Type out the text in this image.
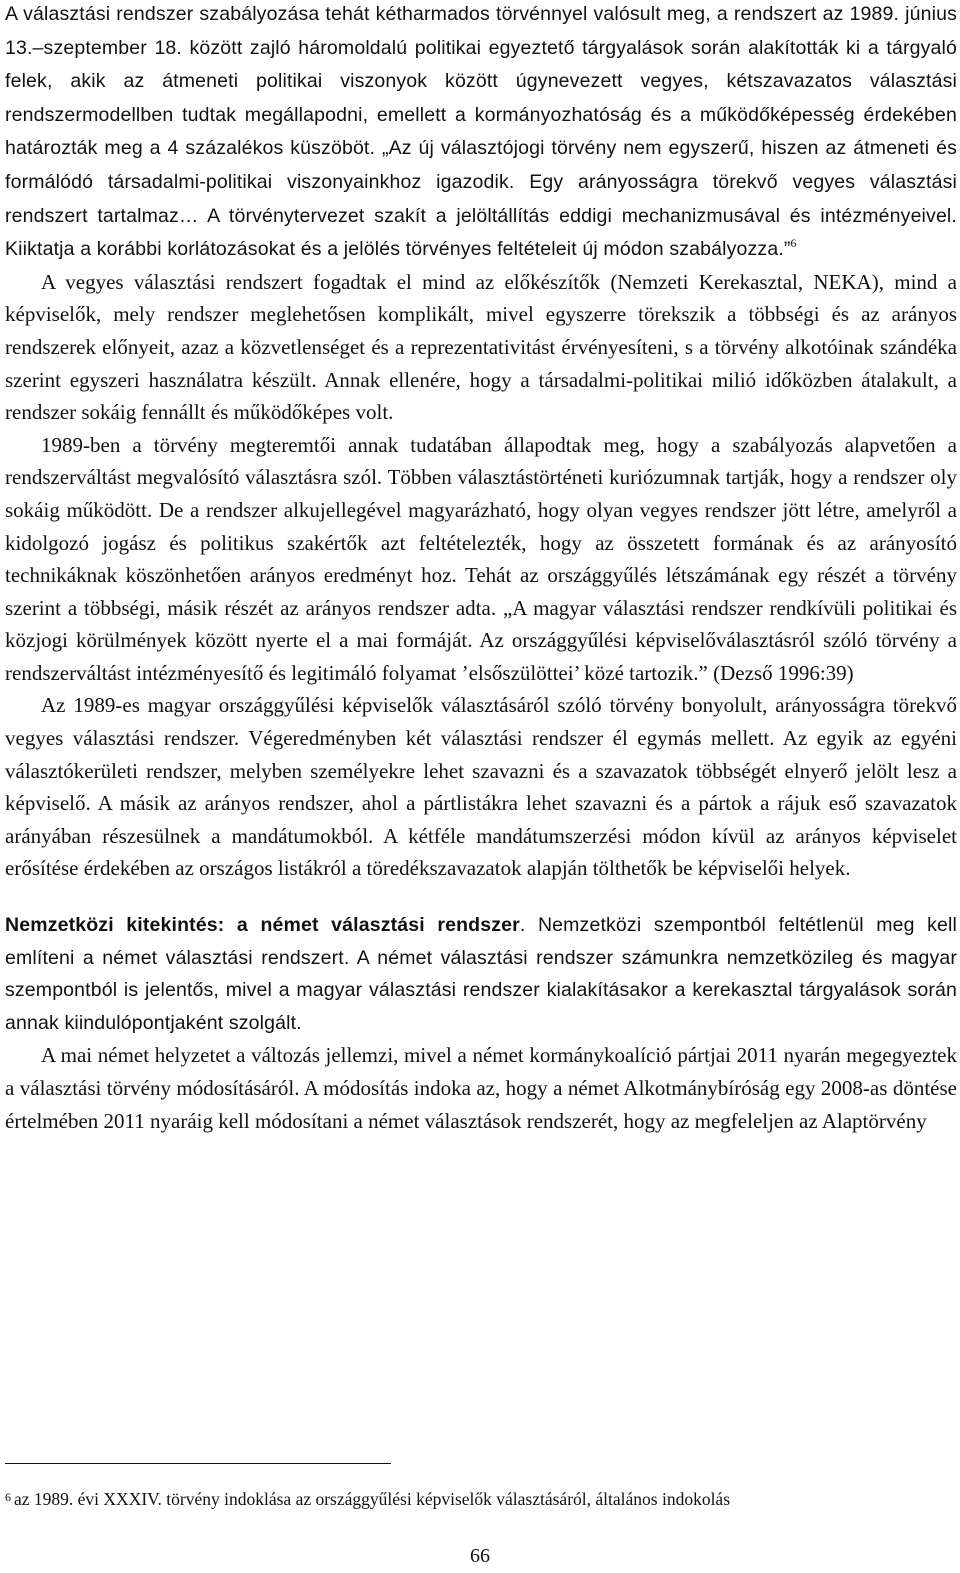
A választási rendszer szabályozása tehát kétharmados törvénnyel valósult meg, a rendszert az 1989. június 13.–szeptember 18. között zajló háromoldalú politikai egyeztető tárgyalások során alakították ki a tárgyaló felek, akik az átmeneti politikai viszonyok között úgynevezett vegyes, kétszavazatos választási rendszermodellben tudtak megállapodni, emellett a kormányozhatóság és a működőképesség érdekében határozták meg a 4 százalékos küszöböt. „Az új választójogi törvény nem egyszerű, hiszen az átmeneti és formálódó társadalmi-politikai viszonyainkhoz igazodik. Egy arányosságra törekvő vegyes választási rendszert tartalmaz… A törvénytervezet szakít a jelöltállítás eddigi mechanizmusával és intézményeivel. Kiiktatja a korábbi korlátozásokat és a jelölés törvényes feltételeit új módon szabályozza.”$^6$

A vegyes választási rendszert fogadtak el mind az előkészítők (Nemzeti Kerekasztal, NEKA), mind a képviselők, mely rendszer meglehetősen komplikált, mivel egyszerre törekszik a többségi és az arányos rendszerek előnyeit, azaz a közvetlenséget és a reprezentativitást érvényesíteni, s a törvény alkotóinak szándéka szerint egyszeri használatra készült. Annak ellenére, hogy a társadalmi-politikai milió időközben átalakult, a rendszer sokáig fennállt és működőképes volt.

1989-ben a törvény megteremtői annak tudatában állapodtak meg, hogy a szabályozás alapvetően a rendszerváltást megvalósító választásra szól. Többen választástörténeti kuriózumnak tartják, hogy a rendszer oly sokáig működött. De a rendszer alkujellegével magyarázható, hogy olyan vegyes rendszer jött létre, amelyről a kidolgozó jogász és politikus szakértők azt feltételezték, hogy az összetett formának és az arányosító technikáknak köszönhetően arányos eredményt hoz. Tehát az országgyűlés létszámának egy részét a törvény szerint a többségi, másik részét az arányos rendszer adta. „A magyar választási rendszer rendkívüli politikai és közjogi körülmények között nyerte el a mai formáját. Az országgyűlési képviselőválasztásról szóló törvény a rendszerváltást intézményesítő és legitimáló folyamat ’elsőszülöttei’ közé tartozik.” (Dezső 1996:39)

Az 1989-es magyar országgyűlési képviselők választásáról szóló törvény bonyolult, arányosságra törekvő vegyes választási rendszer. Végeredményben két választási rendszer él egymás mellett. Az egyik az egyéni választókerületi rendszer, melyben személyekre lehet szavazni és a szavazatok többségét elnyerő jelölt lesz a képviselő. A másik az arányos rendszer, ahol a pártlistákra lehet szavazni és a pártok a rájuk eső szavazatok arányában részesülnek a mandátumokból. A kétféle mandátumszerzési módon kívül az arányos képviselet erősítése érdekében az országos listákról a töredékszavazatok alapján tölthetők be képviselői helyek.

Nemzetközi kitekintés: a német választási rendszer. Nemzetközi szempontból feltétlenül meg kell említeni a német választási rendszert. A német választási rendszer számunkra nemzetközileg és magyar szempontból is jelentős, mivel a magyar választási rendszer kialakításakor a kerekasztal tárgyalások során annak kiindulópontjaként szolgált.

A mai német helyzetet a változás jellemzi, mivel a német kormánykoalíció pártjai 2011 nyarán megegyeztek a választási törvény módosításáról. A módosítás indoka az, hogy a német Alkotmánybíróság egy 2008-as döntése értelmében 2011 nyaráig kell módosítani a német választások rendszerét, hogy az megfeleljen az Alaptörvény

$^6$ az 1989. évi XXXIV. törvény indoklása az országgyűlési képviselők választásáról, általános indokolás
66
